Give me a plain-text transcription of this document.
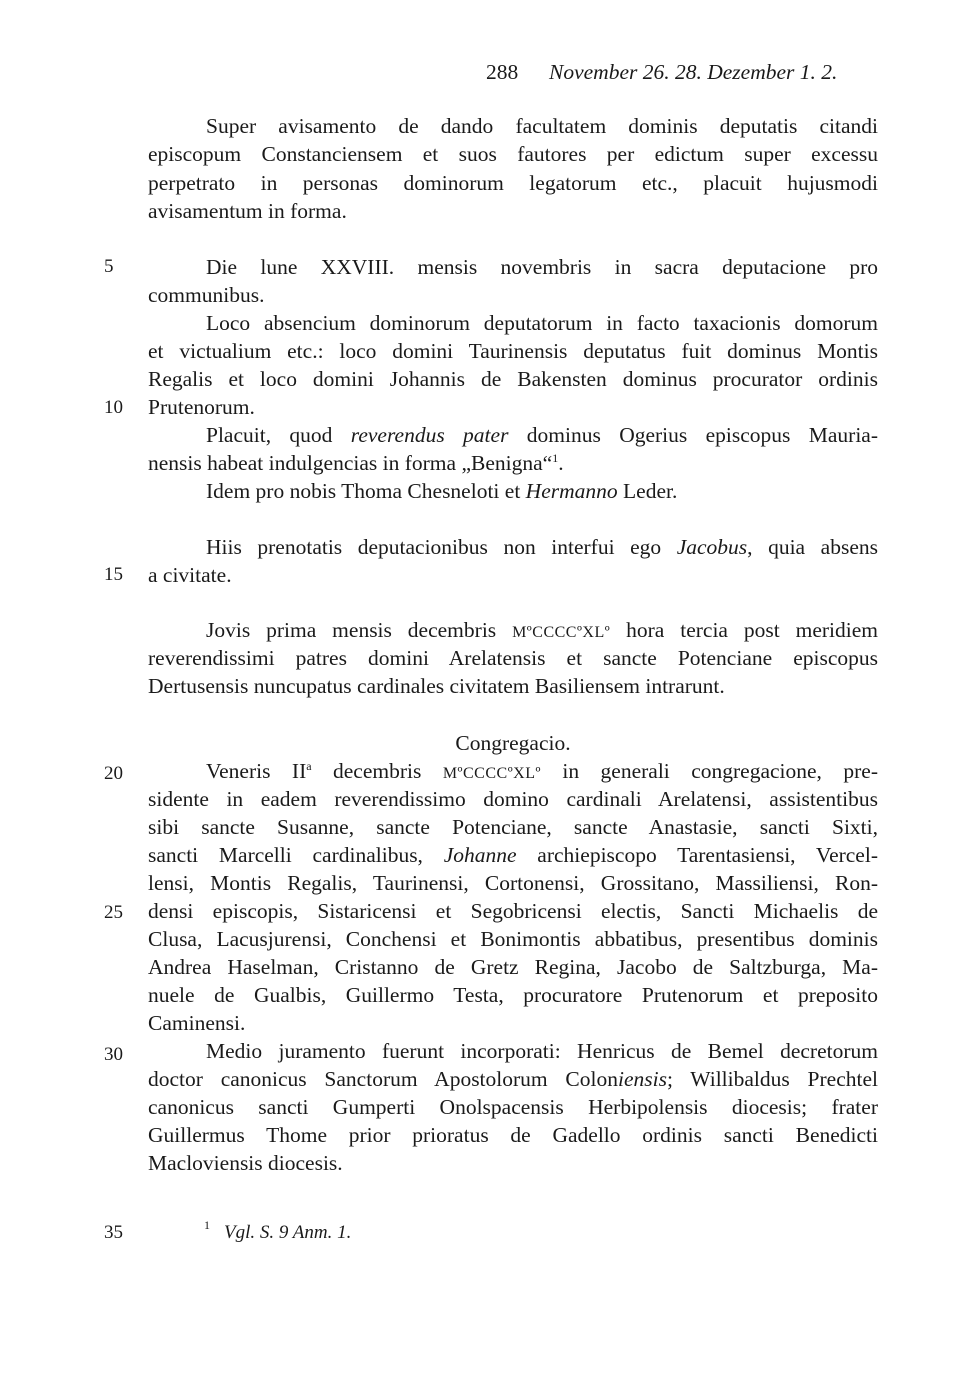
288 November 26. 28. Dezember 1. 2.
5
10
15
20
25
30
35
Super avisamento de dando facultatem dominis deputatis citandi
episcopum Constanciensem et suos fautores per edictum super excessu
perpetrato in personas dominorum legatorum etc., placuit hujusmodi
avisamentum in forma.
Die lune XXVIII. mensis novembris in sacra deputacione pro
communibus.
Loco absencium dominorum deputatorum in facto taxacionis domorum
et victualium etc.: loco domini Taurinensis deputatus fuit dominus Montis
Regalis et loco domini Johannis de Bakensten dominus procurator ordinis
Prutenorum.
Placuit, quod reverendus pater dominus Ogerius episcopus Mauria-
nensis habeat indulgencias in forma „Benigna“$^1$.
Idem pro nobis Thoma Chesneloti et Hermanno Leder.
Hiis prenotatis deputacionibus non interfui ego Jacobus, quia absens
a civitate.
Jovis prima mensis decembris MºCCCCºXLº hora tercia post meridiem
reverendissimi patres domini Arelatensis et sancte Potenciane episcopus
Dertusensis nuncupatus cardinales civitatem Basiliensem intrarunt.
Congregacio.
Veneris $II^a$ decembris MºCCCCºXLº in generali congregacione, pre-
sidente in eadem reverendissimo domino cardinali Arelatensi, assistentibus
sibi sancte Susanne, sancte Potenciane, sancte Anastasie, sancti Sixti,
sancti Marcelli cardinalibus, Johanne archiepiscopo Tarentasiensi, Vercel-
lensi, Montis Regalis, Taurinensi, Cortonensi, Grossitano, Massiliensi, Ron-
densi episcopis, Sistaricensi et Segobricensi electis, Sancti Michaelis de
Clusa, Lacusjurensi, Conchensi et Bonimontis abbatibus, presentibus dominis
Andrea Haselman, Cristanno de Gretz Regina, Jacobo de Saltzburga, Ma-
nuele de Gualbis, Guillermo Testa, procuratore Prutenorum et preposito
Caminensi.
Medio juramento fuerunt incorporati: Henricus de Bemel decretorum
doctor canonicus Sanctorum Apostolorum Coloniensis; Willibaldus Prechtel
canonicus sancti Gumperti Onolspacensis Herbipolensis diocesis; frater
Guillermus Thome prior prioratus de Gadello ordinis sancti Benedicti
Macloviensis diocesis.
1 Vgl. S. 9 Anm. 1.
